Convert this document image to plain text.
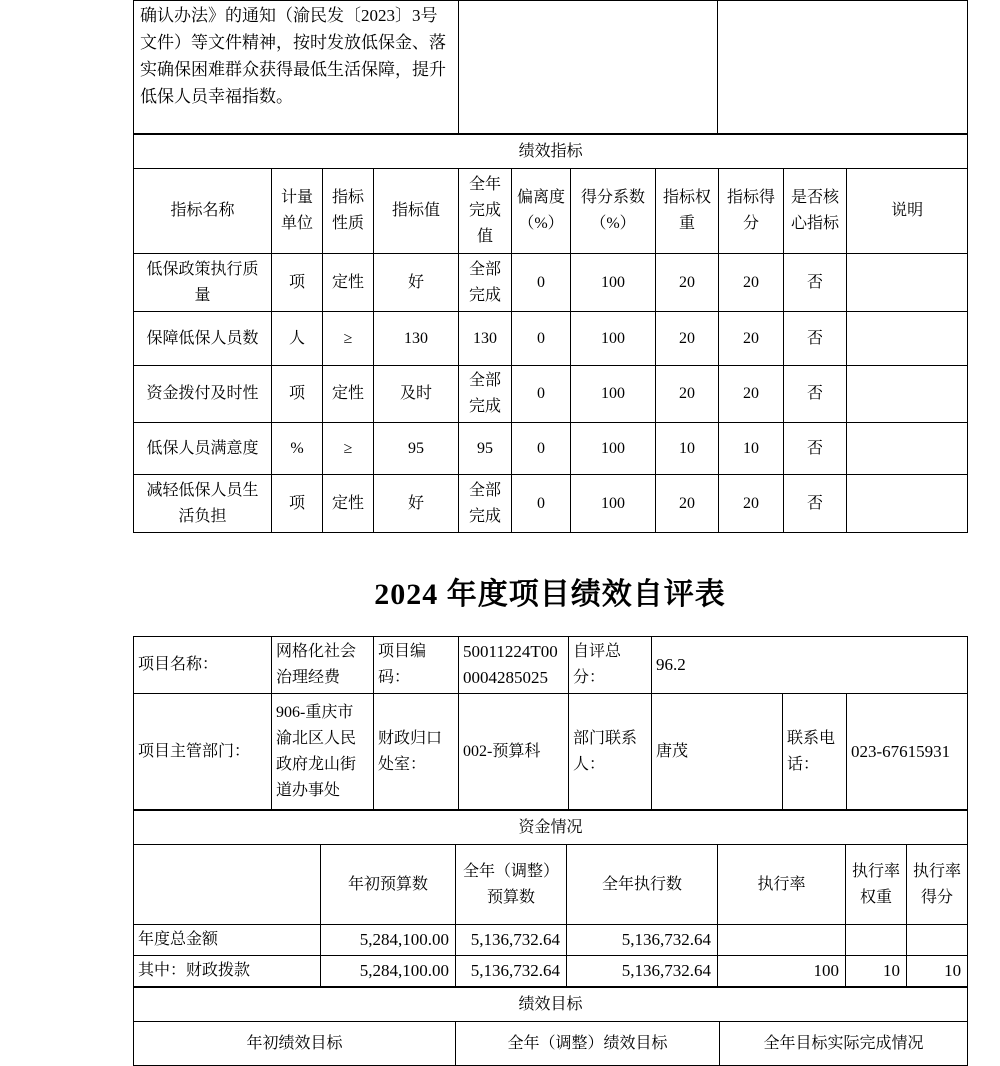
确认办法》的通知（渝民发〔2023〕3号文件）等文件精神，按时发放低保金、落实确保困难群众获得最低生活保障，提升低保人员幸福指数。		
绩效指标										
指标名称	计量单位	指标性质	指标值	全年完成值	偏离度（%）	得分系数（%）	指标权重	指标得分	是否核心指标	说明
低保政策执行质量	项	定性	好	全部完成	0	100	20	20	否	
保障低保人员数	人	≥	130	130	0	100	20	20	否	
资金拨付及时性	项	定性	及时	全部完成	0	100	20	20	否	
低保人员满意度	%	≥	95	95	0	100	10	10	否	
减轻低保人员生活负担	项	定性	好	全部完成	0	100	20	20	否	
2024 年度项目绩效自评表
项目名称：	网格化社会治理经费	项目编码：	50011224T000004285025	自评总分：	96.2		
项目主管部门：	906-重庆市渝北区人民政府龙山街道办事处	财政归口处室：	002-预算科	部门联系人：	唐茂	联系电话：	023-67615931
资金情况						
	年初预算数	全年（调整）预算数	全年执行数	执行率	执行率权重	执行率得分
年度总金额	5,284,100.00	5,136,732.64	5,136,732.64			
其中：财政拨款	5,284,100.00	5,136,732.64	5,136,732.64	100	10	10
绩效目标
年初绩效目标	全年（调整）绩效目标	全年目标实际完成情况
